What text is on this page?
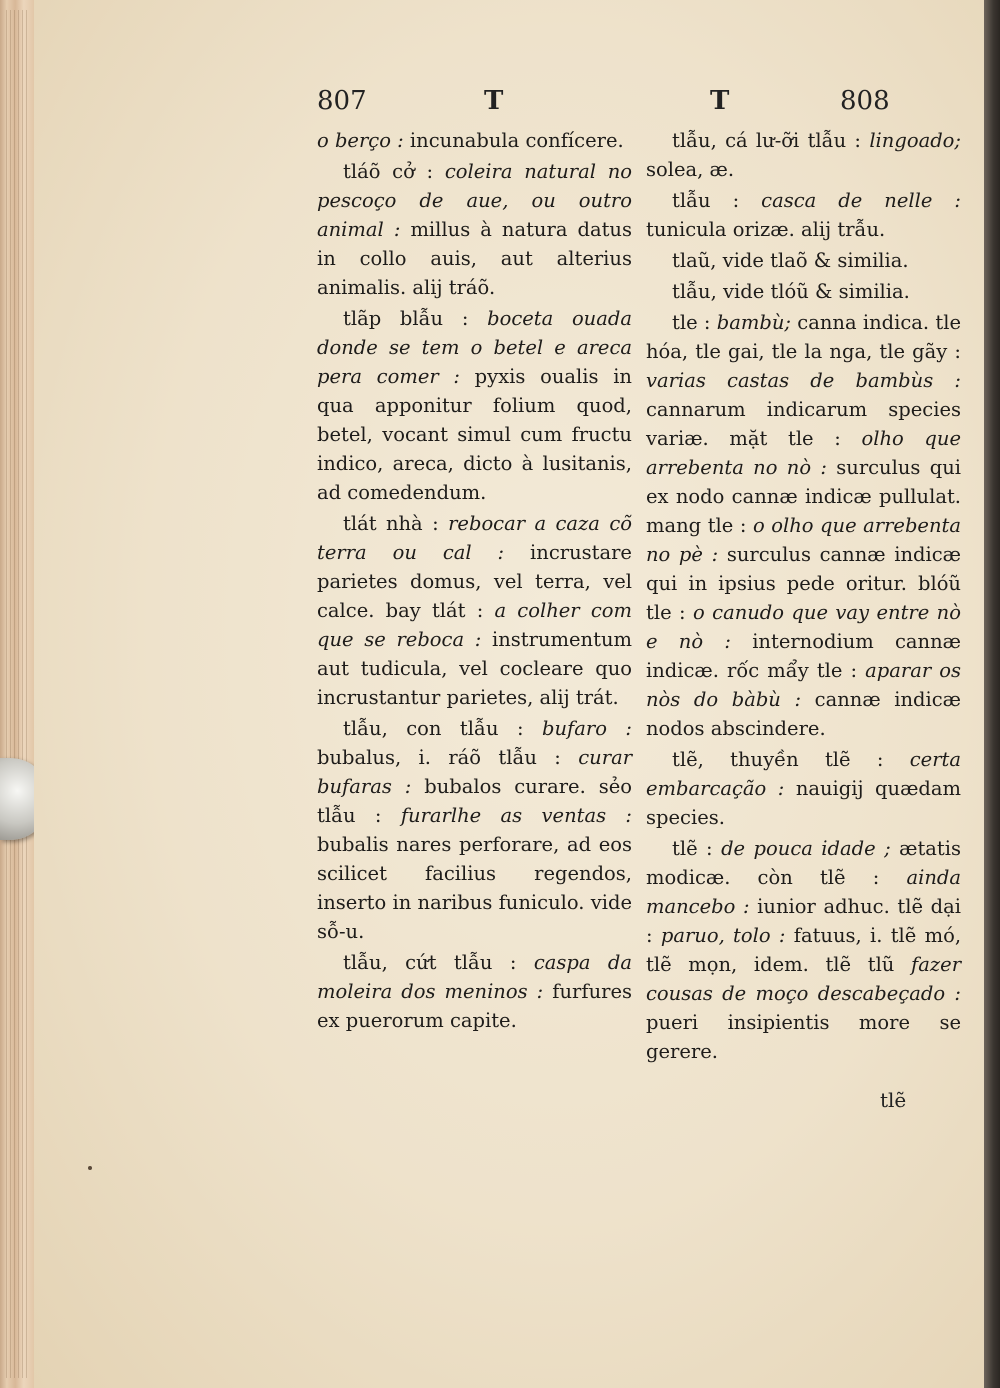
807	T	T	808

o berço : incunabula confícere.

tláõ cở : coleira natural no pescoço de aue, ou outro animal : millus à natura datus in collo auis, aut alterius animalis. alij tráõ.

tlãp blẫu : boceta ouada donde se tem o betel e areca pera comer : pyxis oualis in qua apponitur folium quod, betel, vocant simul cum fructu indico, areca, dicto à lusitanis, ad comedendum.

tlát nhà : rebocar a caza cõ terra ou cal : incrustare parietes domus, vel terra, vel calce. bay tlát : a colher com que se reboca : instrumentum aut tudicula, vel cocleare quo incrustantur parietes, alij trát.

tlẫu, con tlẫu : bufaro : bubalus, i. ráõ tlẫu : curar bufaras : bubalos curare. sẻo tlẫu : furarlhe as ventas : bubalis nares perforare, ad eos scilicet facilius regendos, inserto in naribus funiculo. vide sỗ-u.

tlẫu, cứt tlẫu : caspa da moleira dos meninos : furfures ex puerorum capite.

tlẫu, cá lư-ỡi tlẫu : lingoado; solea, æ.

tlẫu : casca de nelle : tunicula orizæ. alij trẫu.

tlaũ, vide tlaõ & similia.

tlẫu, vide tlóũ & similia.

tle : bambù; canna indica. tle hóa, tle gai, tle la nga, tle gãy : varias castas de bambùs : cannarum indicarum species variæ. mặt tle : olho que arrebenta no nò : surculus qui ex nodo cannæ indicæ pullulat. mang tle : o olho que arrebenta no pè : surculus cannæ indicæ qui in ipsius pede oritur. blóũ tle : o canudo que vay entre nò e nò : internodium cannæ indicæ. rốc mẩy tle : aparar os nòs do bàbù : cannæ indicæ nodos abscindere.

tlẽ, thuyền tlẽ : certa embarcação : nauigij quædam species.

tlẽ : de pouca idade ; ætatis modicæ. còn tlẽ : ainda mancebo : iunior adhuc. tlẽ dại : paruo, tolo : fatuus, i. tlẽ mó, tlẽ mọn, idem. tlẽ tlũ fazer cousas de moço descabeçado : pueri insipientis more se gerere.

tlẽ
